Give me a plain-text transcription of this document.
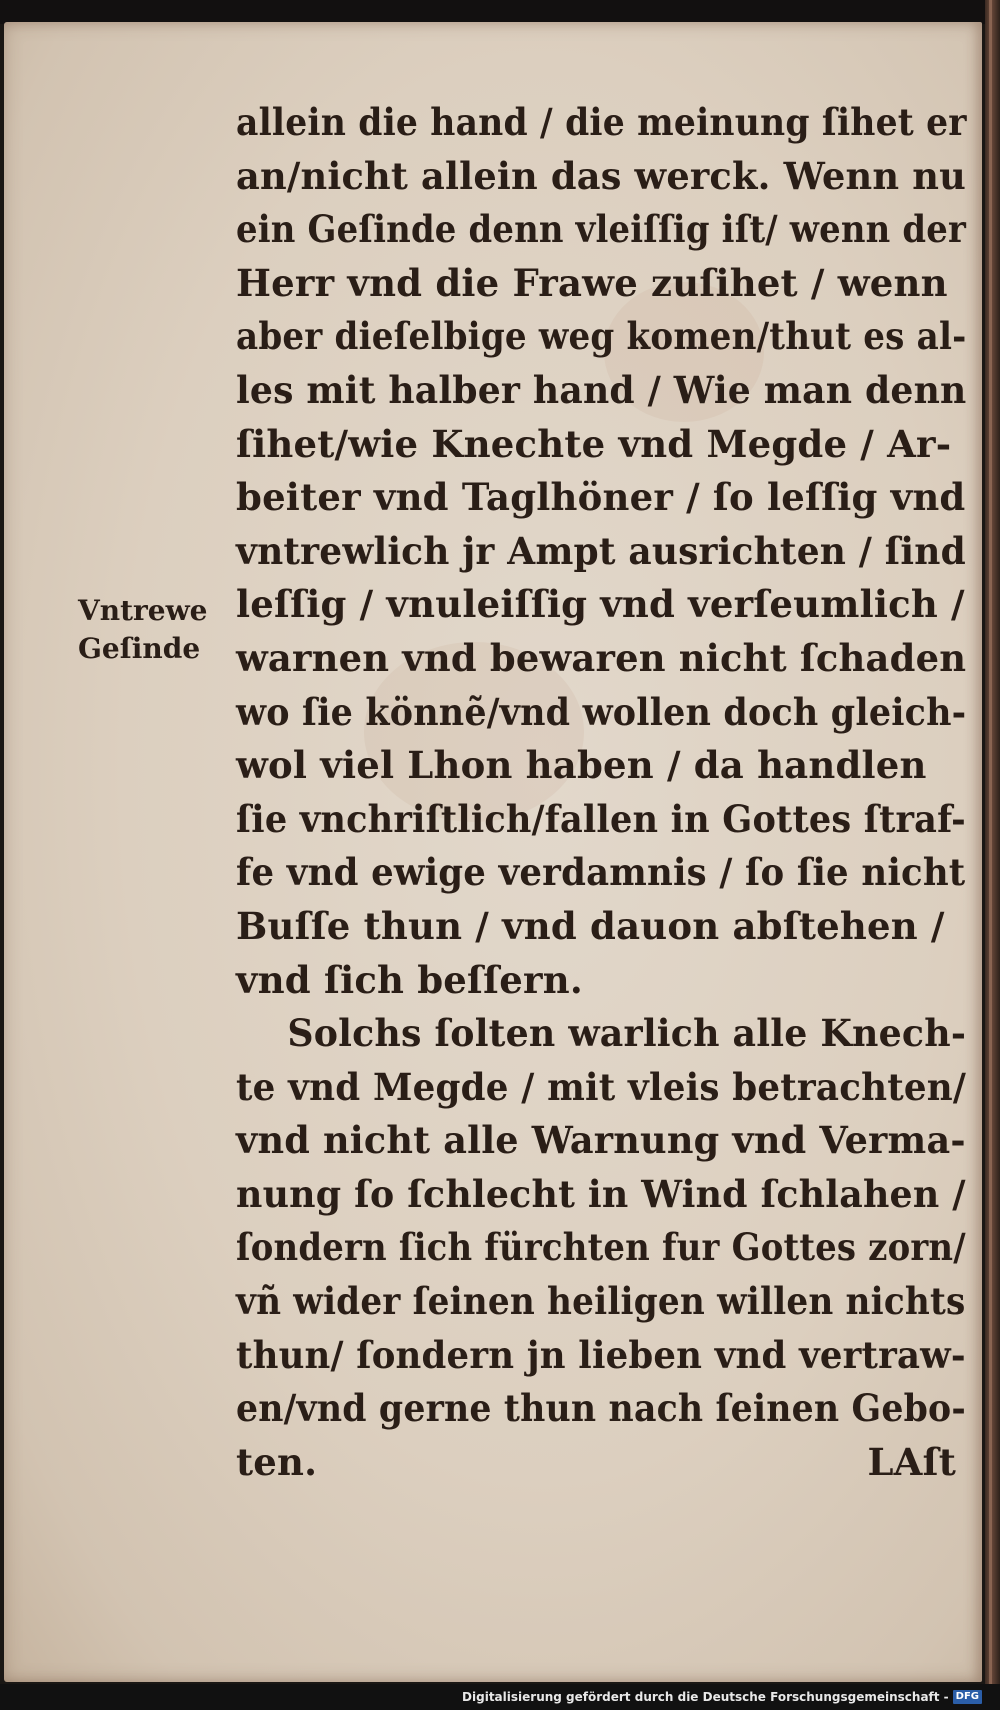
Vntrewe
Geſinde
allein die hand / die meinung ſihet er
an/nicht allein das werck. Wenn nu
ein Geſinde denn vleiſſig iſt/ wenn der
Herr vnd die Frawe zuſihet / wenn
aber dieſelbige weg komen/thut es al-
les mit halber hand / Wie man denn
ſihet/wie Knechte vnd Megde / Ar-
beiter vnd Taglhöner / ſo leſſig vnd
vntrewlich jr Ampt ausrichten / ſind
leſſig / vnuleiſſig vnd verſeumlich /
warnen vnd bewaren nicht ſchaden
wo ſie könnẽ/vnd wollen doch gleich-
wol viel Lhon haben / da handlen
ſie vnchriſtlich/fallen in Gottes ſtraf-
fe vnd ewige verdamnis / ſo ſie nicht
Buſſe thun / vnd dauon abſtehen /
vnd ſich beſſern.
Solchs ſolten warlich alle Knech-
te vnd Megde / mit vleis betrachten/
vnd nicht alle Warnung vnd Verma-
nung ſo ſchlecht in Wind ſchlahen /
ſondern ſich fürchten fur Gottes zorn/
vñ wider ſeinen heiligen willen nichts
thun/ ſondern jn lieben vnd vertraw-
en/vnd gerne thun nach ſeinen Gebo-
ten.	LAſt
Digitalisierung gefördert durch die Deutsche Forschungsgemeinschaft - DFG
